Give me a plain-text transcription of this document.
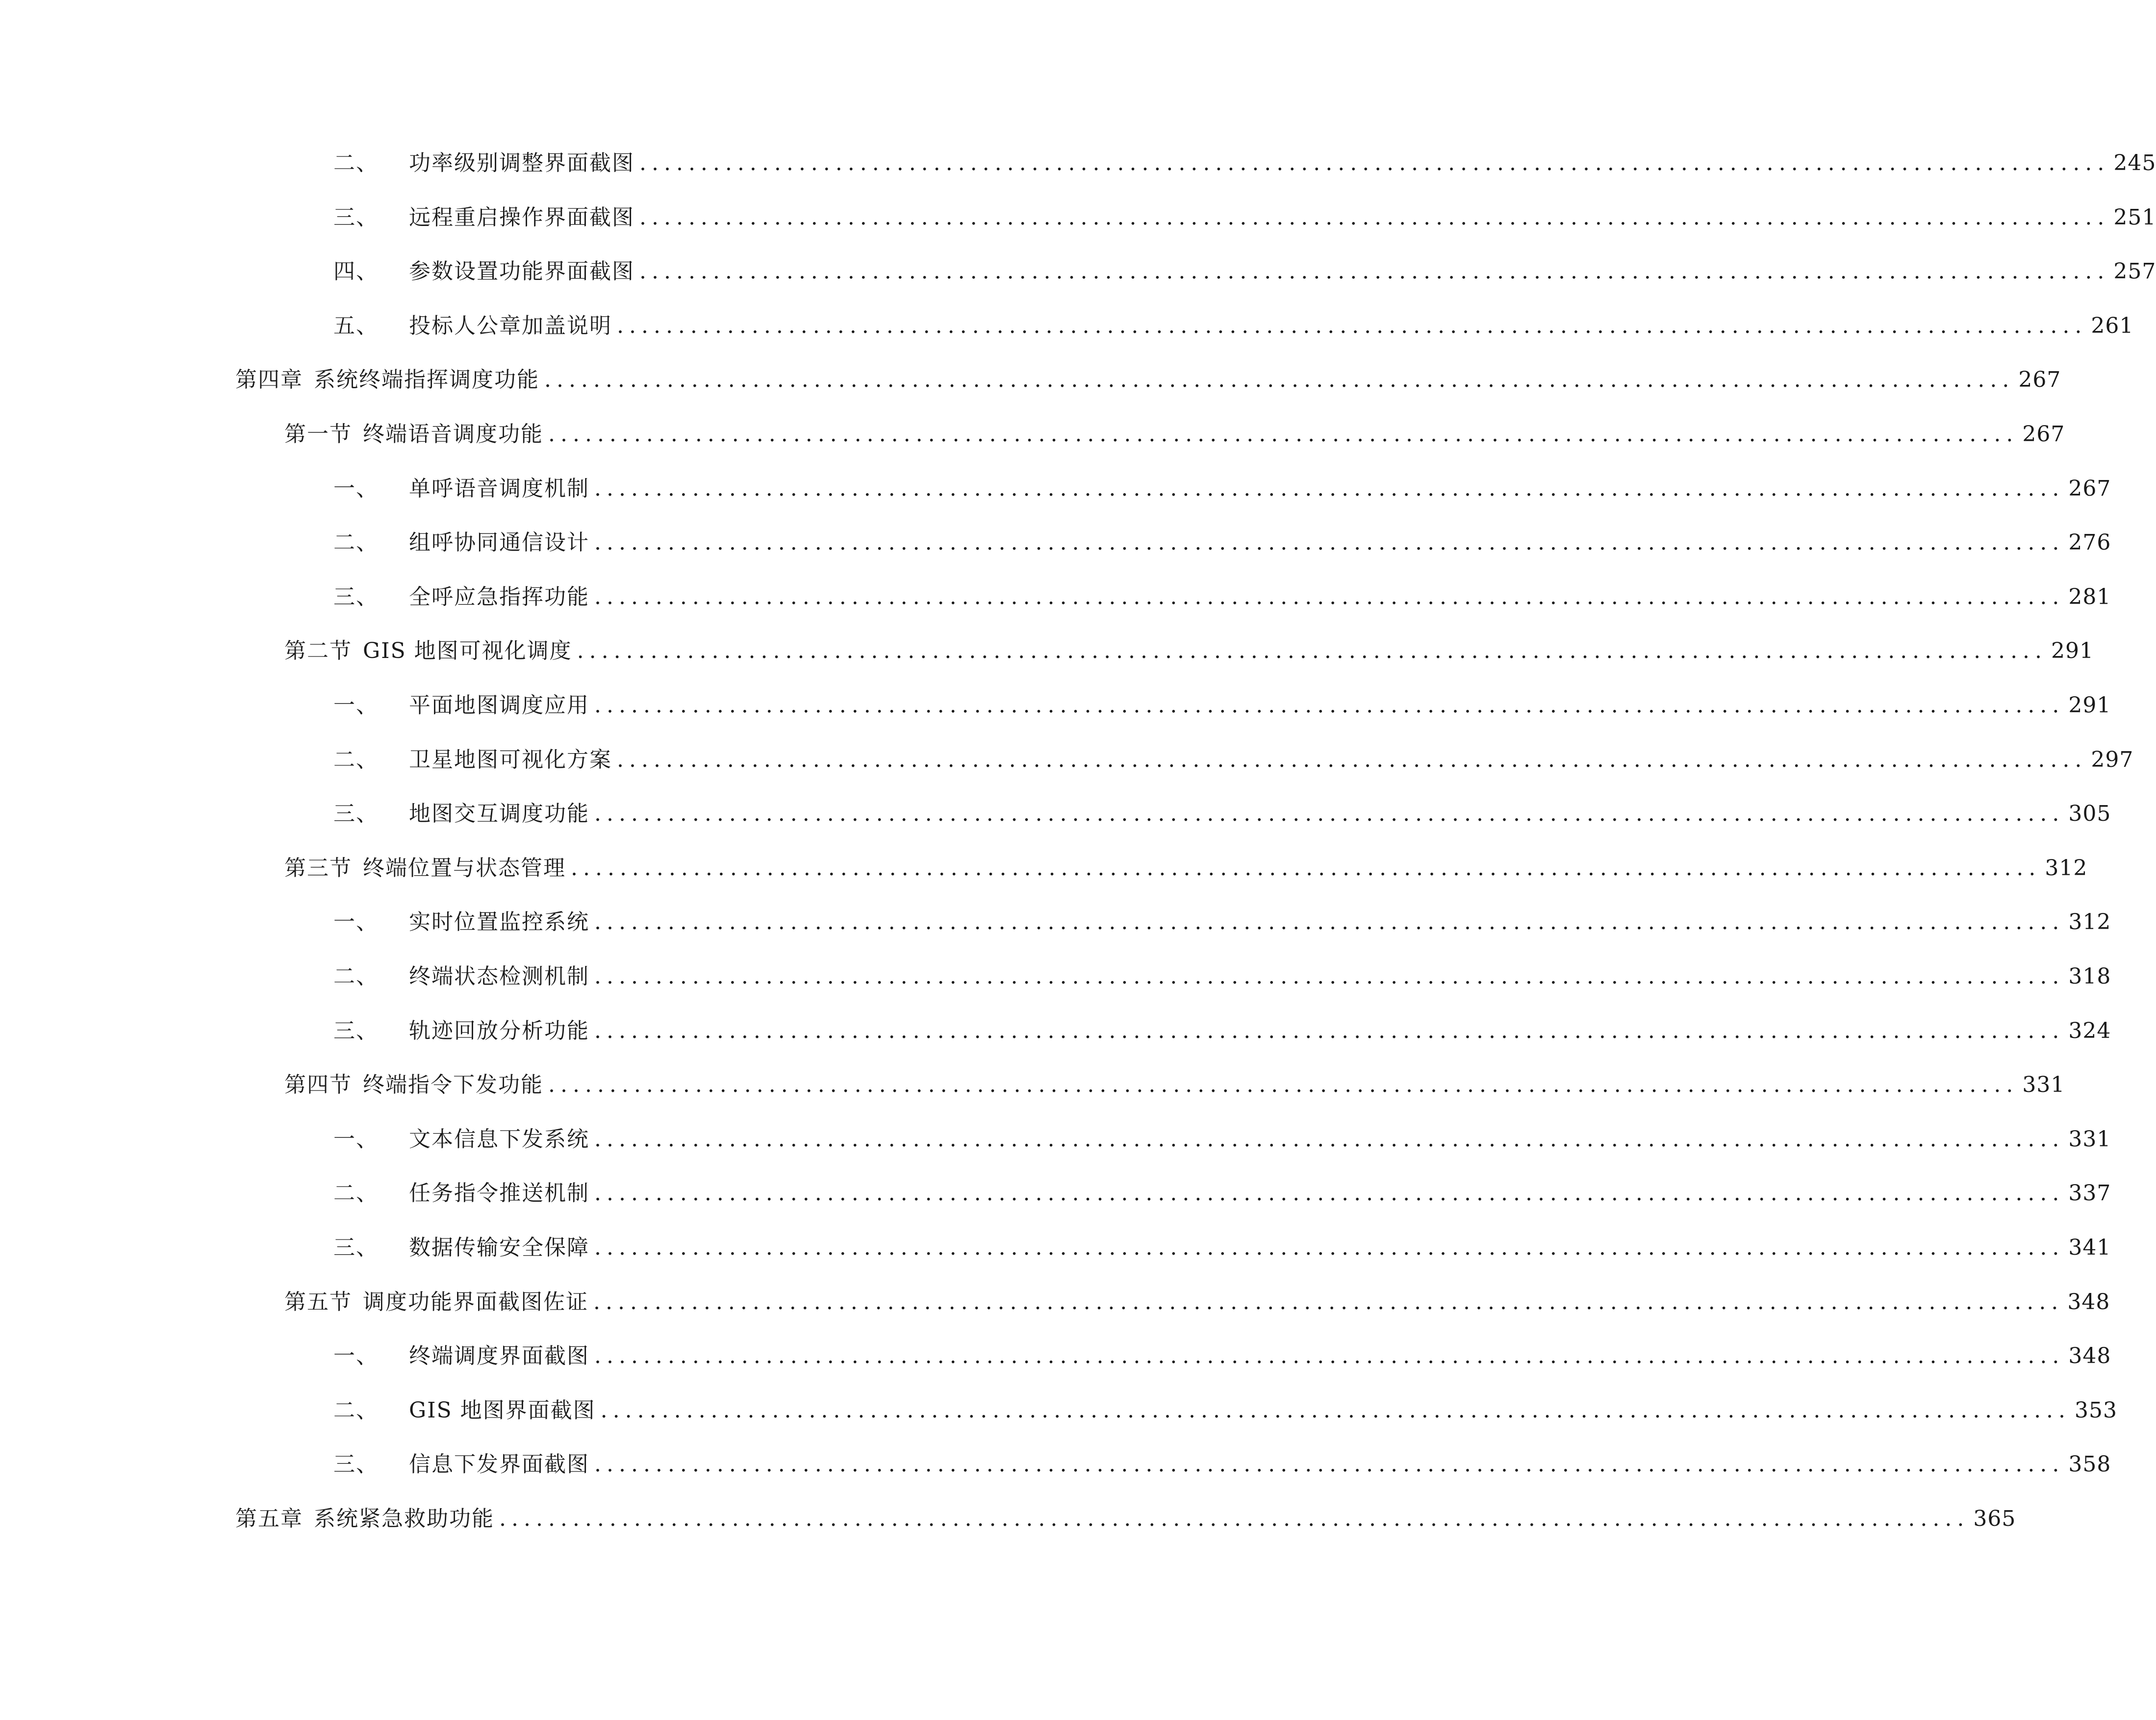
二、 功率级别调整界面截图 ........................................................................................................................ 245
三、 远程重启操作界面截图 ........................................................................................................................ 251
四、 参数设置功能界面截图 ........................................................................................................................ 257
五、 投标人公章加盖说明 ........................................................................................................................ 261
第四章 系统终端指挥调度功能 ........................................................................................................................ 267
第一节 终端语音调度功能 ........................................................................................................................ 267
一、 单呼语音调度机制 ........................................................................................................................ 267
二、 组呼协同通信设计 ........................................................................................................................ 276
三、 全呼应急指挥功能 ........................................................................................................................ 281
第二节 GIS 地图可视化调度 ........................................................................................................................ 291
一、 平面地图调度应用 ........................................................................................................................ 291
二、 卫星地图可视化方案 ........................................................................................................................ 297
三、 地图交互调度功能 ........................................................................................................................ 305
第三节 终端位置与状态管理 ........................................................................................................................ 312
一、 实时位置监控系统 ........................................................................................................................ 312
二、 终端状态检测机制 ........................................................................................................................ 318
三、 轨迹回放分析功能 ........................................................................................................................ 324
第四节 终端指令下发功能 ........................................................................................................................ 331
一、 文本信息下发系统 ........................................................................................................................ 331
二、 任务指令推送机制 ........................................................................................................................ 337
三、 数据传输安全保障 ........................................................................................................................ 341
第五节 调度功能界面截图佐证 ........................................................................................................................ 348
一、 终端调度界面截图 ........................................................................................................................ 348
二、 GIS 地图界面截图 ........................................................................................................................ 353
三、 信息下发界面截图 ........................................................................................................................ 358
第五章 系统紧急救助功能 ........................................................................................................................ 365
